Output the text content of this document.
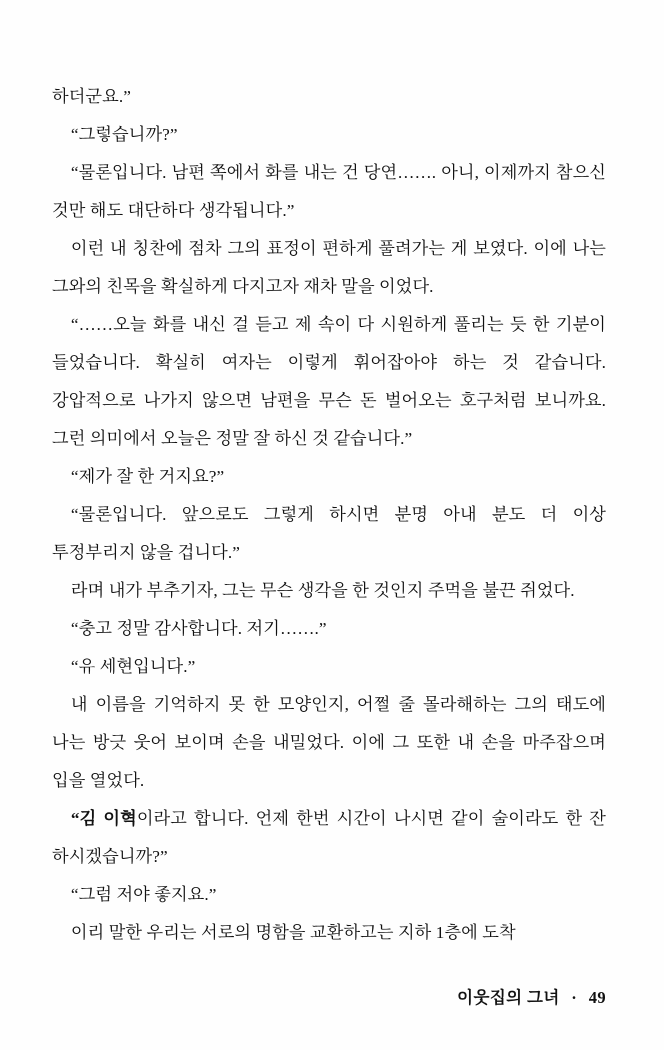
하더군요.”

“그렇습니까?”

“물론입니다. 남편 쪽에서 화를 내는 건 당연……. 아니, 이제까지 참으신 것만 해도 대단하다 생각됩니다.”

이런 내 칭찬에 점차 그의 표정이 편하게 풀려가는 게 보였다. 이에 나는 그와의 친목을 확실하게 다지고자 재차 말을 이었다.

“……오늘 화를 내신 걸 듣고 제 속이 다 시원하게 풀리는 듯 한 기분이 들었습니다. 확실히 여자는 이렇게 휘어잡아야 하는 것 같습니다. 강압적으로 나가지 않으면 남편을 무슨 돈 벌어오는 호구처럼 보니까요. 그런 의미에서 오늘은 정말 잘 하신 것 같습니다.”

“제가 잘 한 거지요?”

“물론입니다. 앞으로도 그렇게 하시면 분명 아내 분도 더 이상 투정부리지 않을 겁니다.”

라며 내가 부추기자, 그는 무슨 생각을 한 것인지 주먹을 불끈 쥐었다.

“충고 정말 감사합니다. 저기…….”

“유 세현입니다.”

내 이름을 기억하지 못 한 모양인지, 어쩔 줄 몰라해하는 그의 태도에 나는 방긋 웃어 보이며 손을 내밀었다. 이에 그 또한 내 손을 마주잡으며 입을 열었다.

“김 이혁이라고 합니다. 언제 한번 시간이 나시면 같이 술이라도 한 잔 하시겠습니까?”

“그럼 저야 좋지요.”

이리 말한 우리는 서로의 명함을 교환하고는 지하 1층에 도착

이웃집의 그녀 · 49
